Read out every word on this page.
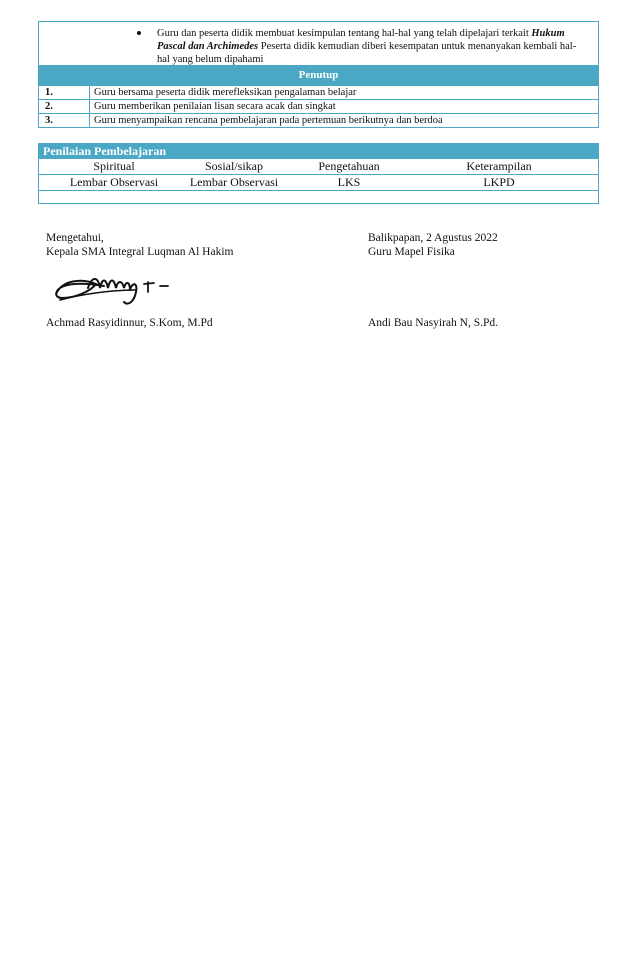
Guru dan peserta didik membuat kesimpulan tentang hal-hal yang telah dipelajari terkait Hukum Pascal dan Archimedes Peserta didik kemudian diberi kesempatan untuk menanyakan kembali hal-hal yang belum dipahami
Penutup
1.	Guru bersama peserta didik merefleksikan pengalaman belajar
2.	Guru memberikan penilaian lisan secara acak dan singkat
3.	Guru menyampaikan rencana pembelajaran pada pertemuan berikutnya dan berdoa
Penilaian Pembelajaran
Spiritual	Sosial/sikap	Pengetahuan	Keterampilan
Lembar Observasi	Lembar Observasi	LKS	LKPD
Mengetahui,
Kepala SMA Integral Luqman Al Hakim
Balikpapan, 2 Agustus 2022
Guru Mapel Fisika
Achmad Rasyidinnur, S.Kom, M.Pd	Andi Bau Nasyirah N, S.Pd.
